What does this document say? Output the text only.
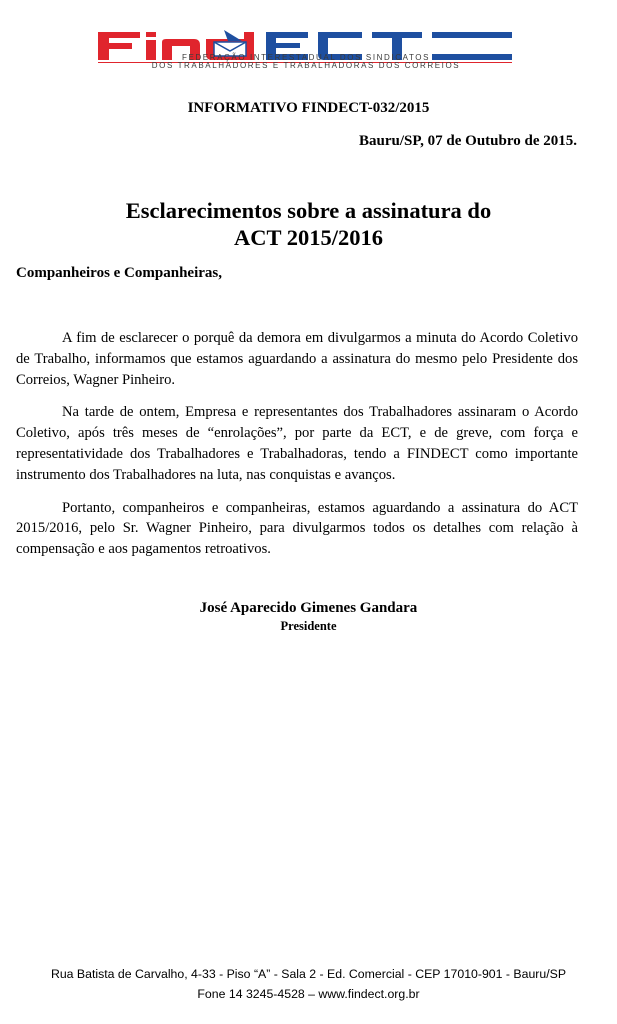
FEDERAÇÃO INTERESTADUAL DOS SINDICATOS
DOS TRABALHADORES E TRABALHADORAS DOS CORREIOS
INFORMATIVO FINDECT-032/2015
Bauru/SP, 07 de Outubro de 2015.
Esclarecimentos sobre a assinatura do
ACT 2015/2016
Companheiros e Companheiras,

A fim de esclarecer o porquê da demora em divulgarmos a minuta do Acordo Coletivo de Trabalho, informamos que estamos aguardando a assinatura do mesmo pelo Presidente dos Correios, Wagner Pinheiro.

Na tarde de ontem, Empresa e representantes dos Trabalhadores assinaram o Acordo Coletivo, após três meses de “enrolações”, por parte da ECT, e de greve, com força e representatividade dos Trabalhadores e Trabalhadoras, tendo a FINDECT como importante instrumento dos Trabalhadores na luta, nas conquistas e avanços.

Portanto, companheiros e companheiras, estamos aguardando a assinatura do ACT 2015/2016, pelo Sr. Wagner Pinheiro, para divulgarmos todos os detalhes com relação à compensação e aos pagamentos retroativos.

José Aparecido Gimenes Gandara
Presidente
Rua Batista de Carvalho, 4-33 - Piso “A” - Sala 2 - Ed. Comercial - CEP 17010-901 - Bauru/SP
Fone 14 3245-4528 – www.findect.org.br
